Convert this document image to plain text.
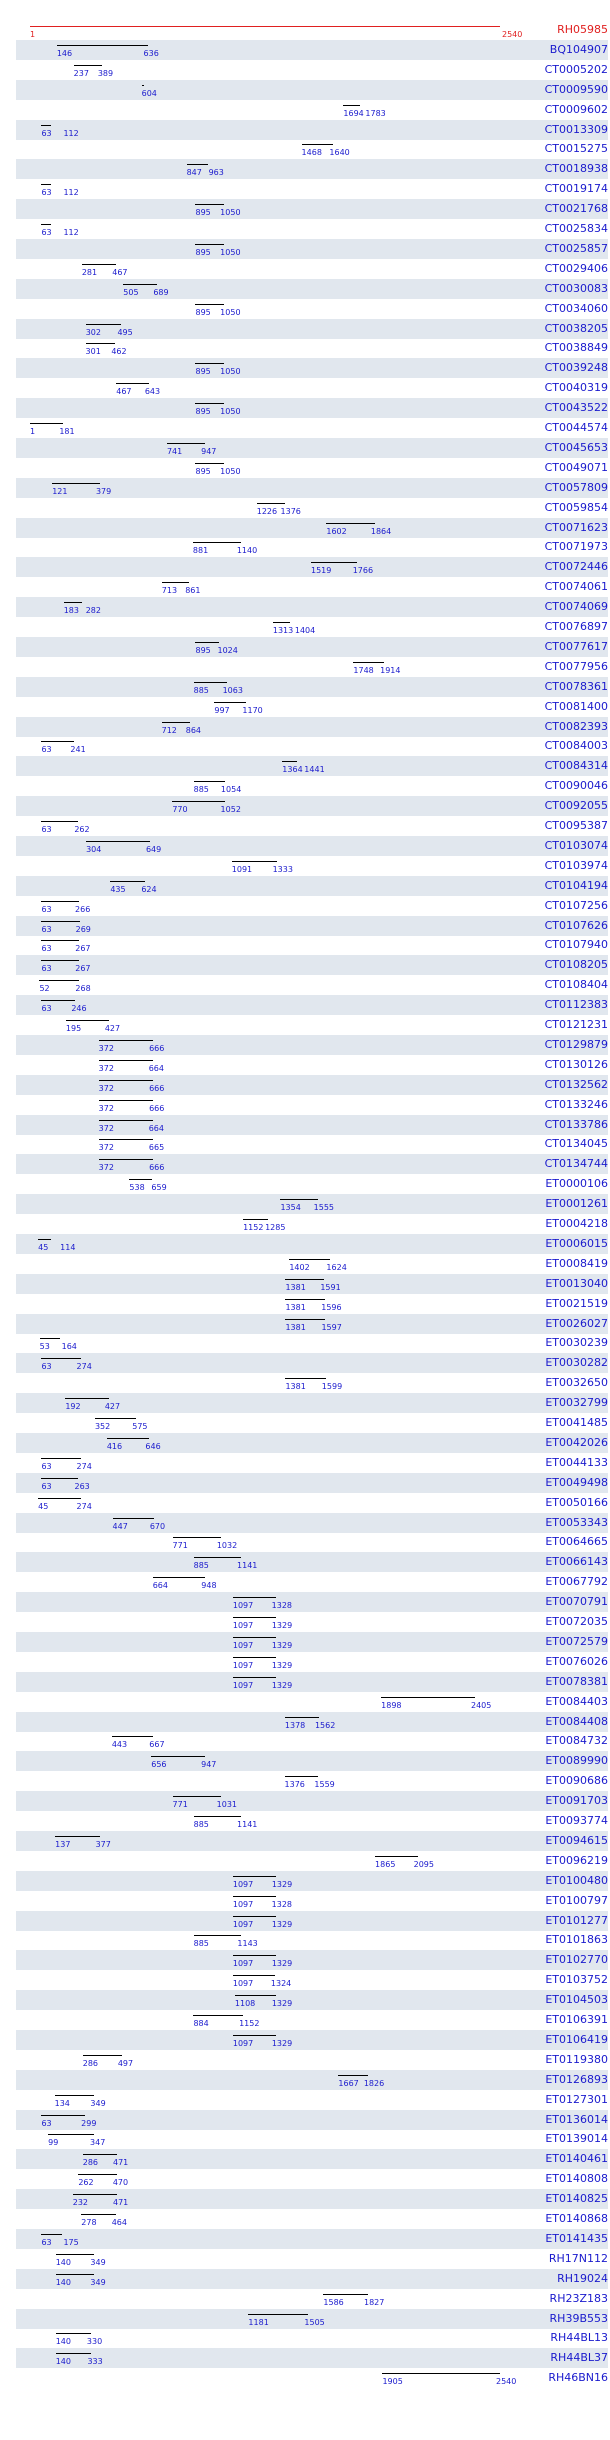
1	2540	RH05985
146	636	BQ104907
237 389	CT0005202
604	CT0009590
1694 1783	CT0009602
63 112	CT0013309
1468 1640	CT0015275
847 963	CT0018938
63 112	CT0019174
895 1050	CT0021768
63 112	CT0025834
895 1050	CT0025857
281 467	CT0029406
505 689	CT0030083
895 1050	CT0034060
302 495	CT0038205
301 462	CT0038849
895 1050	CT0039248
467 643	CT0040319
895 1050	CT0043522
1	181	CT0044574
741 947	CT0045653
895 1050	CT0049071
121	379	CT0057809
1226 1376	CT0059854
1602	1864	CT0071623
881	1140	CT0071973
1519	1766	CT0072446
713 861	CT0074061
183 282	CT0074069
1313 1404	CT0076897
895 1024	CT0077617
1748 1914	CT0077956
885 1063	CT0078361
997 1170	CT0081400
712 864	CT0082393
63 241	CT0084003
1364 1441	CT0084314
885 1054	CT0090046
770	1052	CT0092055
63	262	CT0095387
304	649	CT0103074
1091	1333	CT0103974
435 624	CT0104194
63	266	CT0107256
63	269	CT0107626
63	267	CT0107940
63	267	CT0108205
52	268	CT0108404
63 246	CT0112383
195	427	CT0121231
372	666	CT0129879
372	664	CT0130126
372	666	CT0132562
372	666	CT0133246
372	664	CT0133786
372	665	CT0134045
372	666	CT0134744
538 659	ET0000106
1354 1555	ET0001261
1152 1285	ET0004218
45 114	ET0006015
1402 1624	ET0008419
1381 1591	ET0013040
1381 1596	ET0021519
1381 1597	ET0026027
53 164	ET0030239
63	274	ET0030282
1381 1599	ET0032650
192	427	ET0032799
352	575	ET0041485
416	646	ET0042026
63	274	ET0044133
63	263	ET0049498
45	274	ET0050166
447	670	ET0053343
771	1032	ET0064665
885	1141	ET0066143
664	948	ET0067792
1097 1328	ET0070791
1097 1329	ET0072035
1097 1329	ET0072579
1097 1329	ET0076026
1097 1329	ET0078381
1898	2405	ET0084403
1378 1562	ET0084408
443	667	ET0084732
656	947	ET0089990
1376 1559	ET0090686
771	1031	ET0091703
885	1141	ET0093774
137	377	ET0094615
1865 2095	ET0096219
1097 1329	ET0100480
1097 1328	ET0100797
1097 1329	ET0101277
885	1143	ET0101863
1097 1329	ET0102770
1097 1324	ET0103752
1108 1329	ET0104503
884	1152	ET0106391
1097 1329	ET0106419
286 497	ET0119380
1667 1826	ET0126893
134	349	ET0127301
63	299	ET0136014
99	347	ET0139014
286 471	ET0140461
262 470	ET0140808
232	471	ET0140825
278 464	ET0140868
63 175	ET0141435
140 349	RH17N112
140 349	RH19024
1586	1827	RH23Z183
1181	1505	RH39B553
140 330	RH44BL13
140 333	RH44BL37
1905	2540	RH46BN16
